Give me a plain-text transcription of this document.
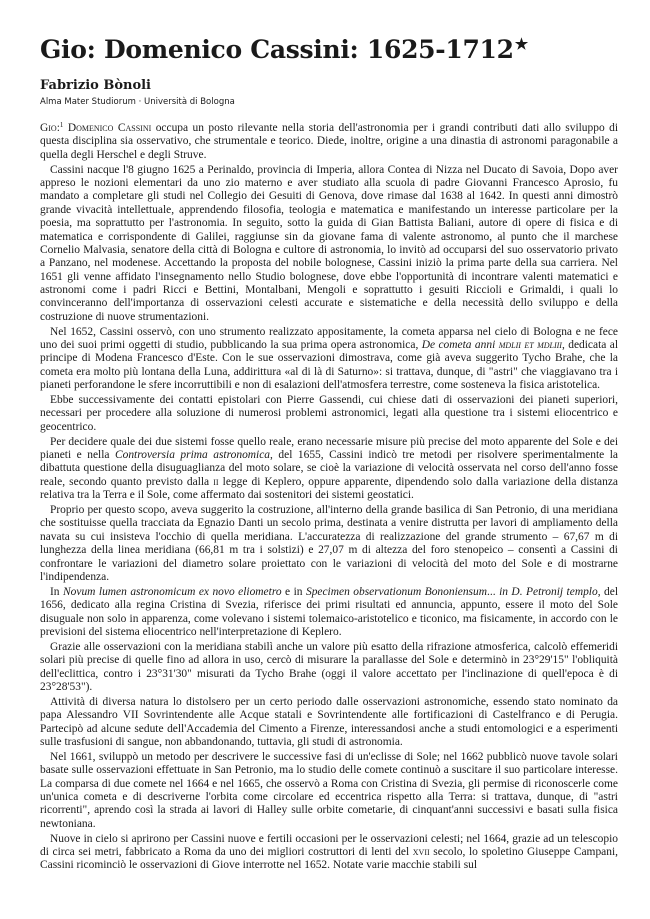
Gio: Domenico Cassini: 1625-1712★
Fabrizio Bònoli
Alma Mater Studiorum · Università di Bologna

Gio:$^1$ Domenico Cassini occupa un posto rilevante nella storia dell'astronomia per i grandi contributi dati allo sviluppo di questa disciplina sia osservativo, che strumentale e teorico. Diede, inoltre, origine a una dinastia di astronomi paragonabile a quella degli Herschel e degli Struve.

Cassini nacque l'8 giugno 1625 a Perinaldo, provincia di Imperia, allora Contea di Nizza nel Ducato di Savoia, Dopo aver appreso le nozioni elementari da uno zio materno e aver studiato alla scuola di padre Giovanni Francesco Aprosio, fu mandato a completare gli studi nel Collegio dei Gesuiti di Genova, dove rimase dal 1638 al 1642. In questi anni dimostrò grande vivacità intellettuale, apprendendo filosofia, teologia e matematica e manifestando un interesse particolare per la poesia, ma soprattutto per l'astronomia. In seguito, sotto la guida di Gian Battista Baliani, autore di opere di fisica e di matematica e corrispondente di Galilei, raggiunse sin da giovane fama di valente astronomo, al punto che il marchese Cornelio Malvasia, senatore della città di Bologna e cultore di astronomia, lo invitò ad occuparsi del suo osservatorio privato a Panzano, nel modenese. Accettando la proposta del nobile bolognese, Cassini iniziò la prima parte della sua carriera. Nel 1651 gli venne affidato l'insegnamento nello Studio bolognese, dove ebbe l'opportunità di incontrare valenti matematici e astronomi come i padri Ricci e Bettini, Montalbani, Mengoli e soprattutto i gesuiti Riccioli e Grimaldi, i quali lo convinceranno dell'importanza di osservazioni celesti accurate e sistematiche e della necessità dello sviluppo e della costruzione di nuove strumentazioni.

Nel 1652, Cassini osservò, con uno strumento realizzato appositamente, la cometa apparsa nel cielo di Bologna e ne fece uno dei suoi primi oggetti di studio, pubblicando la sua prima opera astronomica, De cometa anni mdlii et mdliii, dedicata al principe di Modena Francesco d'Este. Con le sue osservazioni dimostrava, come già aveva suggerito Tycho Brahe, che la cometa era molto più lontana della Luna, addirittura «al di là di Saturno»: si trattava, dunque, di "astri" che viaggiavano tra i pianeti perforandone le sfere incorruttibili e non di esalazioni dell'atmosfera terrestre, come sosteneva la fisica aristotelica.

Ebbe successivamente dei contatti epistolari con Pierre Gassendi, cui chiese dati di osservazioni dei pianeti superiori, necessari per procedere alla soluzione di numerosi problemi astronomici, legati alla questione tra i sistemi eliocentrico e geocentrico.

Per decidere quale dei due sistemi fosse quello reale, erano necessarie misure più precise del moto apparente del Sole e dei pianeti e nella Controversia prima astronomica, del 1655, Cassini indicò tre metodi per risolvere sperimentalmente la dibattuta questione della disuguaglianza del moto solare, se cioè la variazione di velocità osservata nel corso dell'anno fosse reale, secondo quanto previsto dalla ii legge di Keplero, oppure apparente, dipendendo solo dalla variazione della distanza relativa tra la Terra e il Sole, come affermato dai sostenitori dei sistemi geostatici.

Proprio per questo scopo, aveva suggerito la costruzione, all'interno della grande basilica di San Petronio, di una meridiana che sostituisse quella tracciata da Egnazio Danti un secolo prima, destinata a venire distrutta per lavori di ampliamento della navata su cui insisteva l'occhio di quella meridiana. L'accuratezza di realizzazione del grande strumento – 67,67 m di lunghezza della linea meridiana (66,81 m tra i solstizi) e 27,07 m di altezza del foro stenopeico – consentì a Cassini di confrontare le variazioni del diametro solare proiettato con le variazioni di velocità del moto del Sole e di mostrarne l'indipendenza.

In Novum lumen astronomicum ex novo eliometro e in Specimen observationum Bononiensum... in D. Petronij templo, del 1656, dedicato alla regina Cristina di Svezia, riferisce dei primi risultati ed annuncia, appunto, essere il moto del Sole disuguale non solo in apparenza, come volevano i sistemi tolemaico-aristotelico e ticonico, ma fisicamente, in accordo con le previsioni del sistema eliocentrico nell'interpretazione di Keplero.

Grazie alle osservazioni con la meridiana stabilì anche un valore più esatto della rifrazione atmosferica, calcolò effemeridi solari più precise di quelle fino ad allora in uso, cercò di misurare la parallasse del Sole e determinò in 23°29'15" l'obliquità dell'eclittica, contro i 23°31'30" misurati da Tycho Brahe (oggi il valore accettato per l'inclinazione di quell'epoca è di 23°28'53").

Attività di diversa natura lo distolsero per un certo periodo dalle osservazioni astronomiche, essendo stato nominato da papa Alessandro VII Sovrintendente alle Acque statali e Sovrintendente alle fortificazioni di Castelfranco e di Perugia. Partecipò ad alcune sedute dell'Accademia del Cimento a Firenze, interessandosi anche a studi entomologici e a esperimenti sulle trasfusioni di sangue, non abbandonando, tuttavia, gli studi di astronomia.

Nel 1661, sviluppò un metodo per descrivere le successive fasi di un'eclisse di Sole; nel 1662 pubblicò nuove tavole solari basate sulle osservazioni effettuate in San Petronio, ma lo studio delle comete continuò a suscitare il suo particolare interesse. La comparsa di due comete nel 1664 e nel 1665, che osservò a Roma con Cristina di Svezia, gli permise di riconoscerle come un'unica cometa e di descriverne l'orbita come circolare ed eccentrica rispetto alla Terra: si trattava, dunque, di "astri ricorrenti", aprendo così la strada ai lavori di Halley sulle orbite cometarie, di cinquant'anni successivi e basati sulla fisica newtoniana.

Nuove in cielo si aprirono per Cassini nuove e fertili occasioni per le osservazioni celesti; nel 1664, grazie ad un telescopio di circa sei metri, fabbricato a Roma da uno dei migliori costruttori di lenti del xvii secolo, lo spoletino Giuseppe Campani, Cassini ricominciò le osservazioni di Giove interrotte nel 1652. Notate varie macchie stabili sul
